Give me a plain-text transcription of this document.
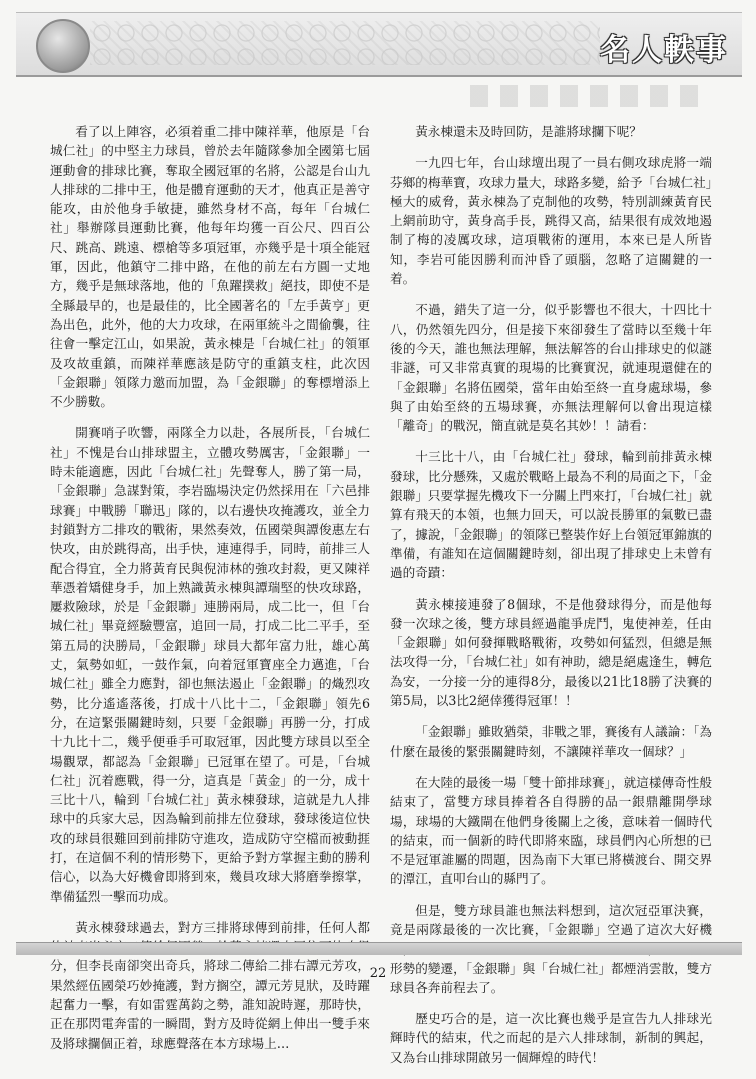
名人軼事

看了以上陣容，必須着重二排中陳祥華，他原是「台城仁社」的中堅主力球員，曾於去年隨隊參加全國第七屆運動會的排球比賽，奪取全國冠軍的名將，公認是台山九人排球的二排中王，他是體育運動的天才，他真正是善守能攻，由於他身手敏捷，雖然身材不高，每年「台城仁社」舉辦隊員運動比賽，他每年均獲一百公尺、四百公尺、跳高、跳遠、標槍等多項冠軍，亦幾乎是十項全能冠軍，因此，他鎮守二排中路，在他的前左右方圓一丈地方，幾乎是無球落地，他的「魚躍撲救」絕技，即使不是全縣最早的，也是最佳的，比全國著名的「左手黃亨」更為出色，此外，他的大力攻球，在兩軍統斗之間偷襲，往往會一擊定江山，如果說，黃永棟是「台城仁社」的領軍及攻故重鎮，而陳祥華應該是防守的重鎮支柱，此次因「金銀聯」領隊力邀而加盟，為「金銀聯」的奪標增添上不少勝數。

開賽哨子吹響，兩隊全力以赴，各展所長，「台城仁社」不愧是台山排球盟主，立體攻勢厲害，「金銀聯」一時未能適應，因此「台城仁社」先聲奪人，勝了第一局，「金銀聯」急謀對策，李岩臨場決定仍然採用在「六邑排球賽」中戰勝「聯迅」隊的，以右邊快攻掩護攻，並全力封鎖對方二排攻的戰術，果然奏效，伍國榮與譚俊惠左右快攻，由於跳得高，出手快，連連得手，同時，前排三人配合得宜，全力將黃育民與倪沛林的強攻封殺，更又陳祥華憑着矯健身手，加上熟識黃永棟與譚瑞堅的快攻球路，屢救險球，於是「金銀聯」連勝兩局，成二比一，但「台城仁社」畢竟經驗豐富，追回一局，打成二比二平手，至第五局的決勝局，「金銀聯」球員大都年富力壯，雄心萬丈，氣勢如虹，一鼓作氣，向着冠軍寶座全力邁進，「台城仁社」雖全力應對，卻也無法遏止「金銀聯」的熾烈攻勢，比分遙遙落後，打成十八比十二，「金銀聯」領先6分，在這緊張關鍵時刻，只要「金銀聯」再勝一分，打成十九比十二，幾乎便垂手可取冠軍，因此雙方球員以至全場觀眾，都認為「金銀聯」已冠軍在望了。可是，「台城仁社」沉着應戰，得一分，這真是「黃金」的一分，成十三比十八，輪到「台城仁社」黃永棟發球，這就是九人排球中的兵家大忌，因為輪到前排左位發球，發球後這位快攻的球員很難回到前排防守進攻，造成防守空檔而被動捱打，在這個不利的情形勢下，更給予對方掌握主動的勝利信心，以為大好機會即將到來，幾員攻球大將磨拳擦掌，準備猛烈一擊而功成。

黃永棟發球過去，對方三排將球傳到前排，任何人都 分，但李長南卻突出奇兵，將球二傳給二排右譚元芳攻，果然經伍國榮巧妙掩護，對方搁空，譚元芳見狀，及時躍起奮力一擊，有如雷霆萬鈞之勢，誰知說時遲，那時快，正在那閃電奔雷的一瞬間，對方及時從網上伸出一雙手來及將球攔個正着，球應聲落在本方球場上…

黃永棟還未及時回防，是誰將球攔下呢？

一九四七年，台山球壇出現了一員右側攻球虎將一端芬鄉的梅華寶，攻球力量大，球路多變，給予「台城仁社」極大的威脅，黃永棟為了克制他的攻勢，特別訓練黃育民上網前助守，黃身高手長，跳得又高，結果很有成效地遏制了梅的凌厲攻球，這項戰術的運用，本來已是人所皆知，李岩可能因勝利而沖昏了頭腦，忽略了這關鍵的一着。

不過，錯失了這一分，似乎影響也不很大，十四比十八，仍然領先四分，但是接下來卻發生了當時以至幾十年後的今天，誰也無法理解，無法解答的台山排球史的似謎非謎，可又非常真實的現場的比賽實況，就連現還健在的「金銀聯」名將伍國榮，當年由始至終一直身處球場，參與了由始至終的五場球賽，亦無法理解何以會出現這樣「離奇」的戰況，簡直就是莫名其妙！！請看：

十三比十八，由「台城仁社」發球，輪到前排黃永棟發球，比分懸殊，又處於戰略上最為不利的局面之下，「金銀聯」只要掌握先機攻下一分關上門來打，「台城仁社」就算有飛天的本領，也無力回天，可以說長勝軍的氣數已盡了，據說，「金銀聯」的領隊已整裝作好上台領冠軍錦旗的準備，有誰知在這個關鍵時刻，卻出現了排球史上未曾有過的奇蹟：

黃永棟接連發了8個球，不是他發球得分，而是他每發一次球之後，雙方球員經過龍爭虎鬥，鬼使神差，任由「金銀聯」如何發揮戰略戰術，攻勢如何猛烈，但總是無法攻得一分，「台城仁社」如有神助，總是絕處逢生，轉危為安，一分接一分的連得8分，最後以21比18勝了決賽的第5局，以3比2絕倖獲得冠軍！！

「金銀聯」雖敗猶榮，非戰之罪，賽後有人議論：「為什麼在最後的緊張關鍵時刻，不讓陳祥華攻一個球？」

在大陸的最後一場「雙十節排球賽」，就這樣傳奇性般結束了，當雙方球員捧着各自得勝的品一銀鼎離開學球場，球場的大鐵閘在他們身後關上之後，意味着一個時代的結束，而一個新的時代即將來臨，球員們內心所想的已不是冠軍誰屬的問題，因為南下大軍已將橫渡台、開交界的潭江，直叩台山的縣門了。

但是，雙方球員誰也無法料想到，這次冠亞軍決賽，竟是兩隊最後的一次比賽，「金銀聯」空過了這次大好機 形勢的變遷，「金銀聯」與「台城仁社」都煙消雲散，雙方球員各奔前程去了。

歷史巧合的是，這一次比賽也幾乎是宣告九人排球光輝時代的結束，代之而起的是六人排球制，新制的興起，又為台山排球開啟另一個輝煌的時代！

22
